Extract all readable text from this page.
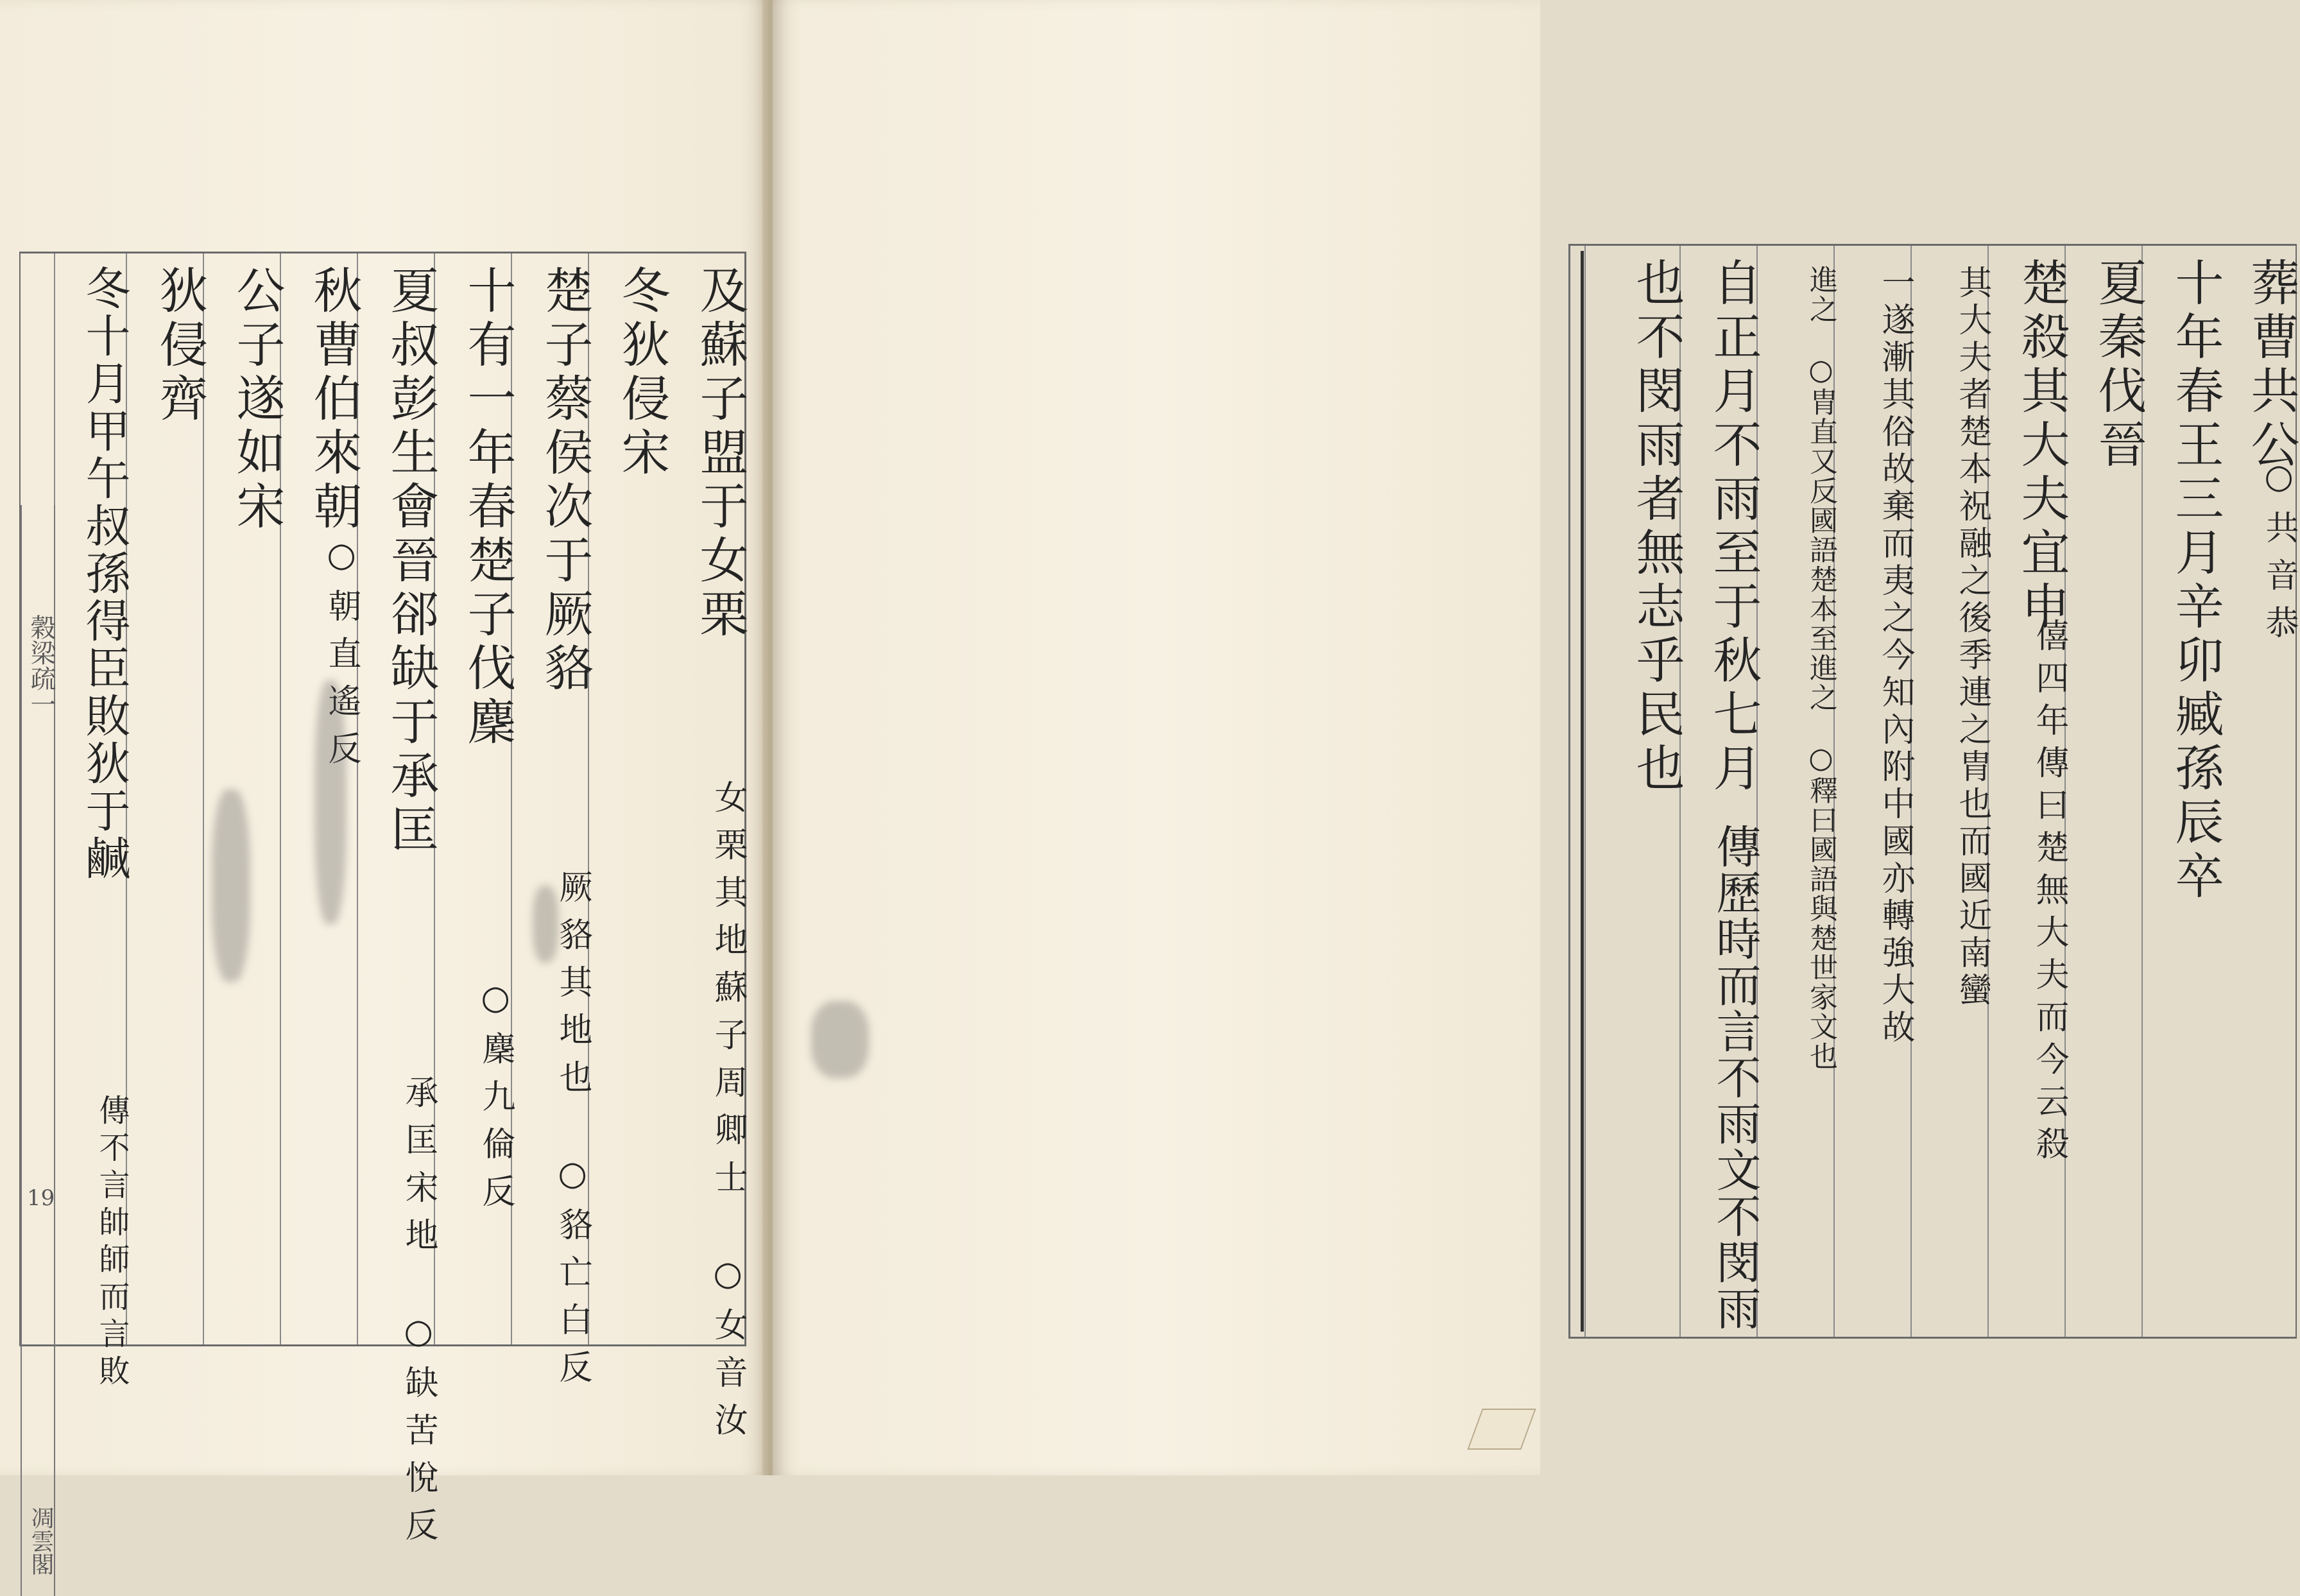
及蘇子盟于女栗
女栗其地蘇子周卿士　○女音汝
冬狄侵宋
楚子蔡侯次于厥貉
厥貉其地也　○貉亡白反
十有一年春楚子伐麇
○麇九倫反
夏叔彭生會晉郤缺于承匡
承匡宋地　○缺苦悅反
秋曹伯來朝
○朝直遙反
公子遂如宋
狄侵齊
冬十月甲午叔孫得臣敗狄于鹹
傳不言帥師而言敗
穀梁疏一
19
凋雲閣
葬曹共公
○共音恭
十年春王三月辛卯臧孫辰卒
夏秦伐晉
楚殺其大夫宜申
僖四年傳曰楚無大夫而今云殺
其大夫者楚本祝融之後季連之胄也而國近南蠻
一遂漸其俗故棄而夷之今知內附中國亦轉強大故
進之　○胄直又反國語楚本至進之　○釋曰國語與楚世家文也
自正月不雨至于秋七月
傳歷時而言不雨文不閔雨
也不閔雨者無志乎民也
